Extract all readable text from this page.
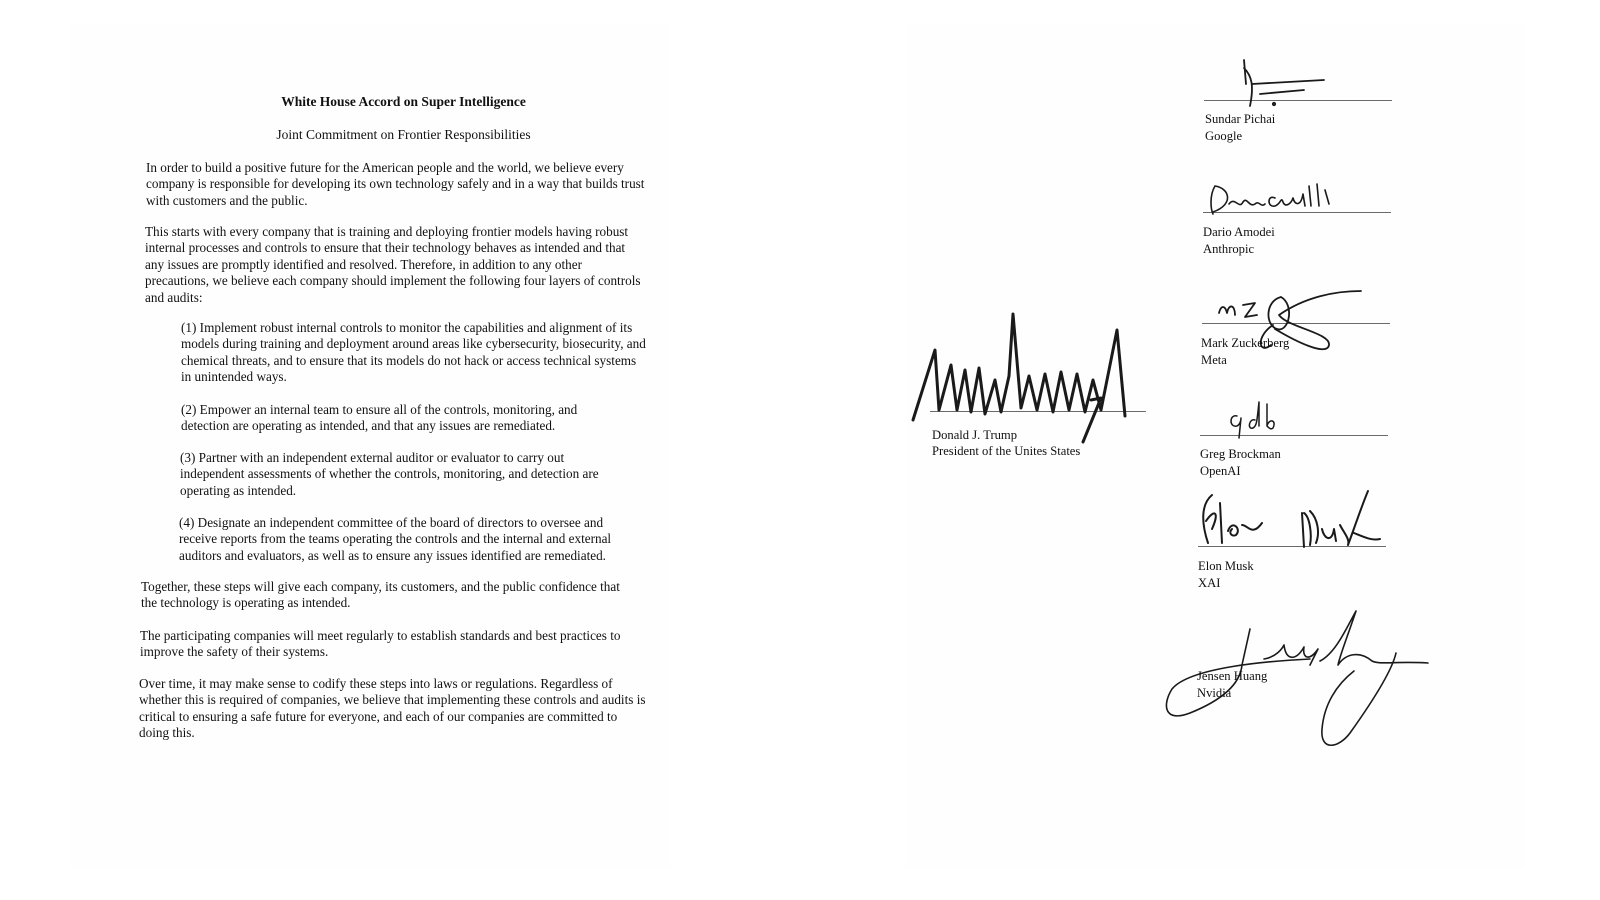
White House Accord on Super Intelligence
Joint Commitment on Frontier Responsibilities

In order to build a positive future for the American people and the world, we believe every company is responsible for developing its own technology safely and in a way that builds trust with customers and the public.

This starts with every company that is training and deploying frontier models having robust internal processes and controls to ensure that their technology behaves as intended and that any issues are promptly identified and resolved. Therefore, in addition to any other precautions, we believe each company should implement the following four layers of controls and audits:

(1) Implement robust internal controls to monitor the capabilities and alignment of its models during training and deployment around areas like cybersecurity, biosecurity, and chemical threats, and to ensure that its models do not hack or access technical systems in unintended ways.

(2) Empower an internal team to ensure all of the controls, monitoring, and detection are operating as intended, and that any issues are remediated.

(3) Partner with an independent external auditor or evaluator to carry out independent assessments of whether the controls, monitoring, and detection are operating as intended.

(4) Designate an independent committee of the board of directors to oversee and receive reports from the teams operating the controls and the internal and external auditors and evaluators, as well as to ensure any issues identified are remediated.

Together, these steps will give each company, its customers, and the public confidence that the technology is operating as intended.

The participating companies will meet regularly to establish standards and best practices to improve the safety of their systems.

Over time, it may make sense to codify these steps into laws or regulations. Regardless of whether this is required of companies, we believe that implementing these controls and audits is critical to ensuring a safe future for everyone, and each of our companies are committed to doing this.

Donald J. Trump
President of the Unites States
Sundar Pichai
Google
Dario Amodei
Anthropic
Mark Zuckerberg
Meta
Greg Brockman
OpenAI
Elon Musk
XAI
Jensen Huang
Nvidia
